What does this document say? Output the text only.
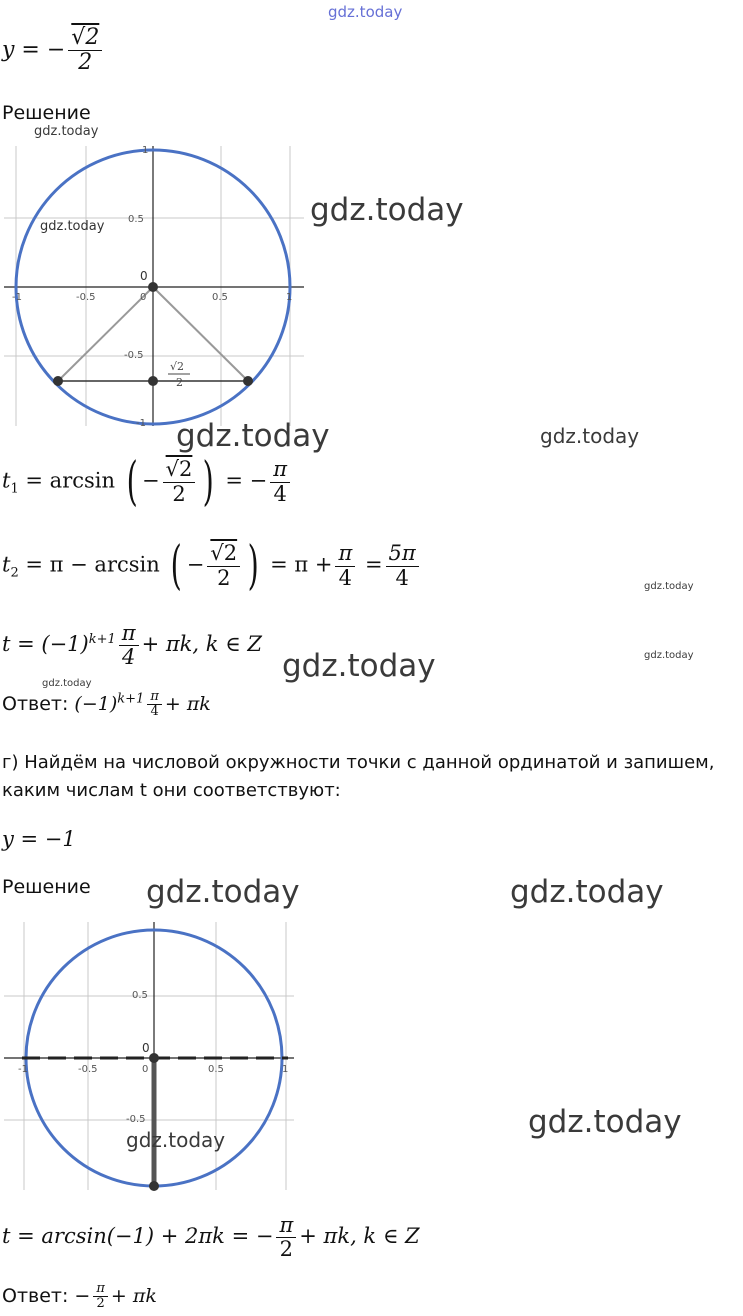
gdz.today
y = − $\frac{√2}{2}$
Решение
gdz.today
0.5
-0.5
-0.5	0.5
-1	1
0
1
-1
0
√2
2
gdz.today	gdz.today
gdz.today	gdz.today
$t_1 = \arcsin$ ( − $\frac{√2}{2}$ ) = − $\frac{\pi}{4}$
$t_2 = \pi - \arcsin$ ( − $\frac{√2}{2}$ ) = $\pi + \frac{\pi}{4} = \frac{5\pi}{4}$	gdz.today
$t = (-1)^{k+1} \frac{\pi}{4} + \pi k$, k ∈ Z	gdz.today
gdz.today
gdz.today
Ответ: $(-1)^{k+1} \frac{\pi}{4} + \pi k$
г) Найдём на числовой окружности точки с данной ординатой и запишем,
каким числам t они соответствуют:
y = −1
Решение gdz.today	gdz.today
0.5
-0.5
-0.5	0.5
-1	1
0
0
gdz.today
gdz.today
t = arcsin(−1) + 2πk = − $\frac{\pi}{2} + \pi k$, k ∈ Z
Ответ: − $\frac{\pi}{2} + \pi k$
